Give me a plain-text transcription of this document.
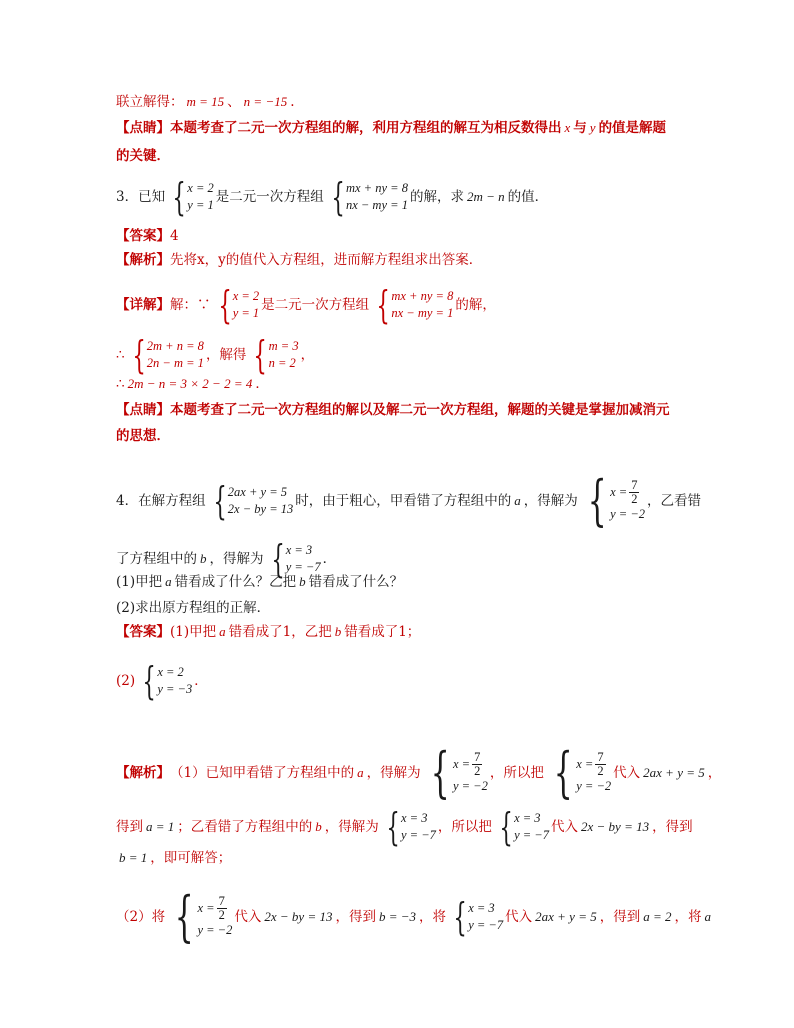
联立解得： m = 15 、 n = −15 .
【点睛】 本题考查了二元一次方程组的解，利用方程组的解互为相反数得出 x 与 y 的值是解题
的关键．
3．已知 { x = 2
y = 1 是二元一次方程组 { mx + ny = 8
nx − my = 1 的解，求 2m − n 的值．
【答案】 4
【解析】 先将x，y的值代入方程组，进而解方程组求出答案．
【详解】 解：∵ { x = 2
y = 1 是二元一次方程组 { mx + ny = 8
nx − my = 1 的解，
∴ { 2m + n = 8
2n − m = 1 ，解得 { m = 3
n = 2 ，
∴ 2m − n = 3 × 2 − 2 = 4 ．
【点睛】 本题考查了二元一次方程组的解以及解二元一次方程组，解题的关键是掌握加减消元
的思想．
4．在解方程组 { 2ax + y = 5
2x − by = 13 时，由于粗心，甲看错了方程组中的 a ，得解为 { $x = \frac{7}{2}$
y = −2
，乙看错
了方程组中的 b ，得解为 { x = 3
y = −7 ．
(1)甲把 a 错看成了什么？乙把 b 错看成了什么？
(2)求出原方程组的正解．
【答案】 (1)甲把 a 错看成了1，乙把 b 错看成了1；
(2) { x = 2
y = −3 ．
【解析】 （1）已知甲看错了方程组中的 a ，得解为 { $x = \frac{7}{2}$
y = −2
，所以把 { $x = \frac{7}{2}$
y = −2
代入 2ax + y = 5 ，
得到 a = 1 ；乙看错了方程组中的 b ，得解为 { x = 3
y = −7 ，所以把 { x = 3
y = −7 代入 2x − by = 13 ，得到
b = 1 ，即可解答；
（2）将 { $x = \frac{7}{2}$
y = −2
代入 2x − by = 13 ，得到 b = −3 ，将 { x = 3
y = −7 代入 2ax + y = 5 ，得到 a = 2 ，将 a
